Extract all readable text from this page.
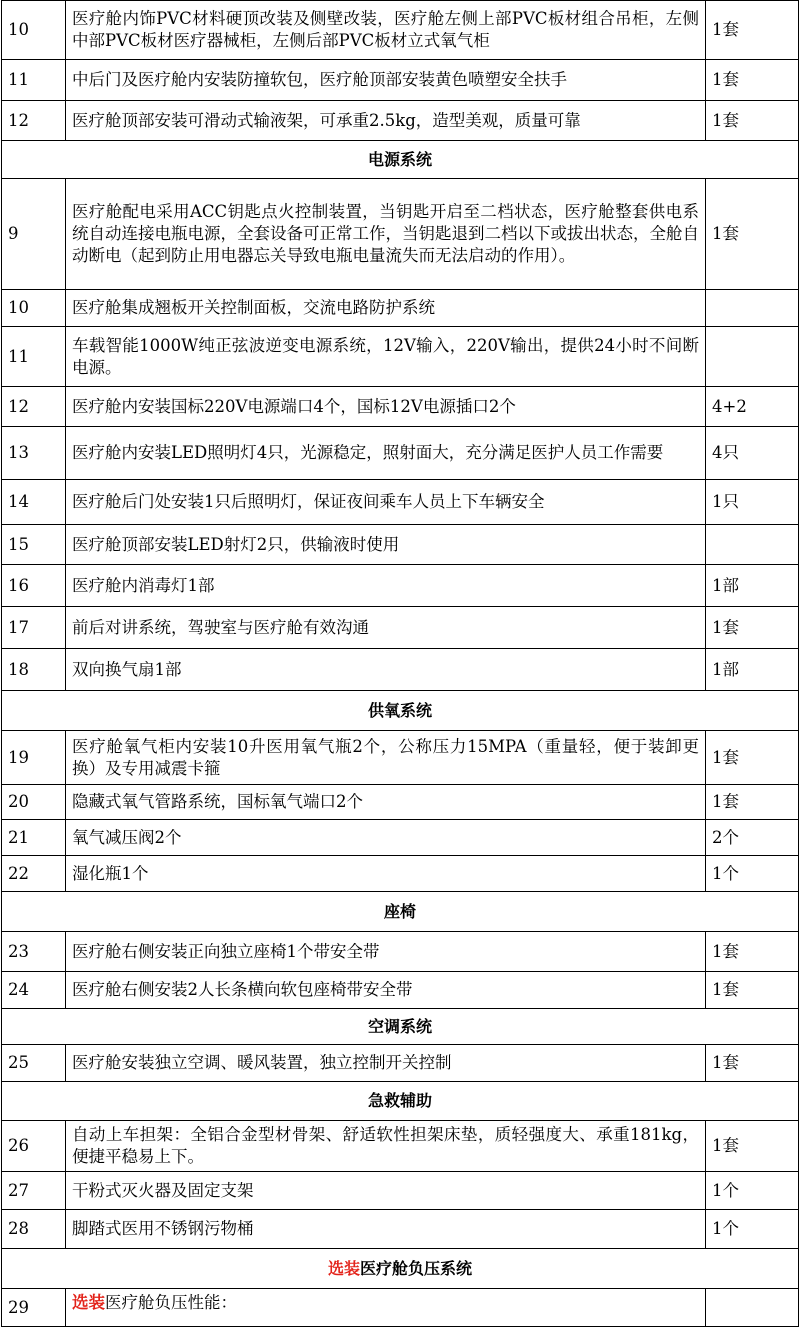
10	医疗舱内饰PVC材料硬顶改装及侧壁改装，医疗舱左侧上部PVC板材组合吊柜，左侧中部PVC板材医疗器械柜，左侧后部PVC板材立式氧气柜	1套
11	中后门及医疗舱内安装防撞软包，医疗舱顶部安装黄色喷塑安全扶手	1套
12	医疗舱顶部安装可滑动式输液架，可承重2.5kg，造型美观，质量可靠	1套
电源系统		
9	医疗舱配电采用ACC钥匙点火控制装置，当钥匙开启至二档状态，医疗舱整套供电系统自动连接电瓶电源，全套设备可正常工作，当钥匙退到二档以下或拔出状态，全舱自动断电（起到防止用电器忘关导致电瓶电量流失而无法启动的作用）。	1套
10	医疗舱集成翘板开关控制面板，交流电路防护系统	
11	车载智能1000W纯正弦波逆变电源系统，12V输入，220V输出，提供24小时不间断电源。	
12	医疗舱内安装国标220V电源端口4个，国标12V电源插口2个	4+2
13	医疗舱内安装LED照明灯4只，光源稳定，照射面大，充分满足医护人员工作需要	4只
14	医疗舱后门处安装1只后照明灯，保证夜间乘车人员上下车辆安全	1只
15	医疗舱顶部安装LED射灯2只，供输液时使用	
16	医疗舱内消毒灯1部	1部
17	前后对讲系统，驾驶室与医疗舱有效沟通	1套
18	双向换气扇1部	1部
供氧系统		
19	医疗舱氧气柜内安装10升医用氧气瓶2个，公称压力15MPA（重量轻，便于装卸更换）及专用减震卡箍	1套
20	隐藏式氧气管路系统，国标氧气端口2个	1套
21	氧气减压阀2个	2个
22	湿化瓶1个	1个
座椅		
23	医疗舱右侧安装正向独立座椅1个带安全带	1套
24	医疗舱右侧安装2人长条横向软包座椅带安全带	1套
空调系统		
25	医疗舱安装独立空调、暖风装置，独立控制开关控制	1套
急救辅助		
26	自动上车担架：全铝合金型材骨架、舒适软性担架床垫，质轻强度大、承重181kg，便捷平稳易上下。	1套
27	干粉式灭火器及固定支架	1个
28	脚踏式医用不锈钢污物桶	1个
选装医疗舱负压系统		
29	选装医疗舱负压性能：	
